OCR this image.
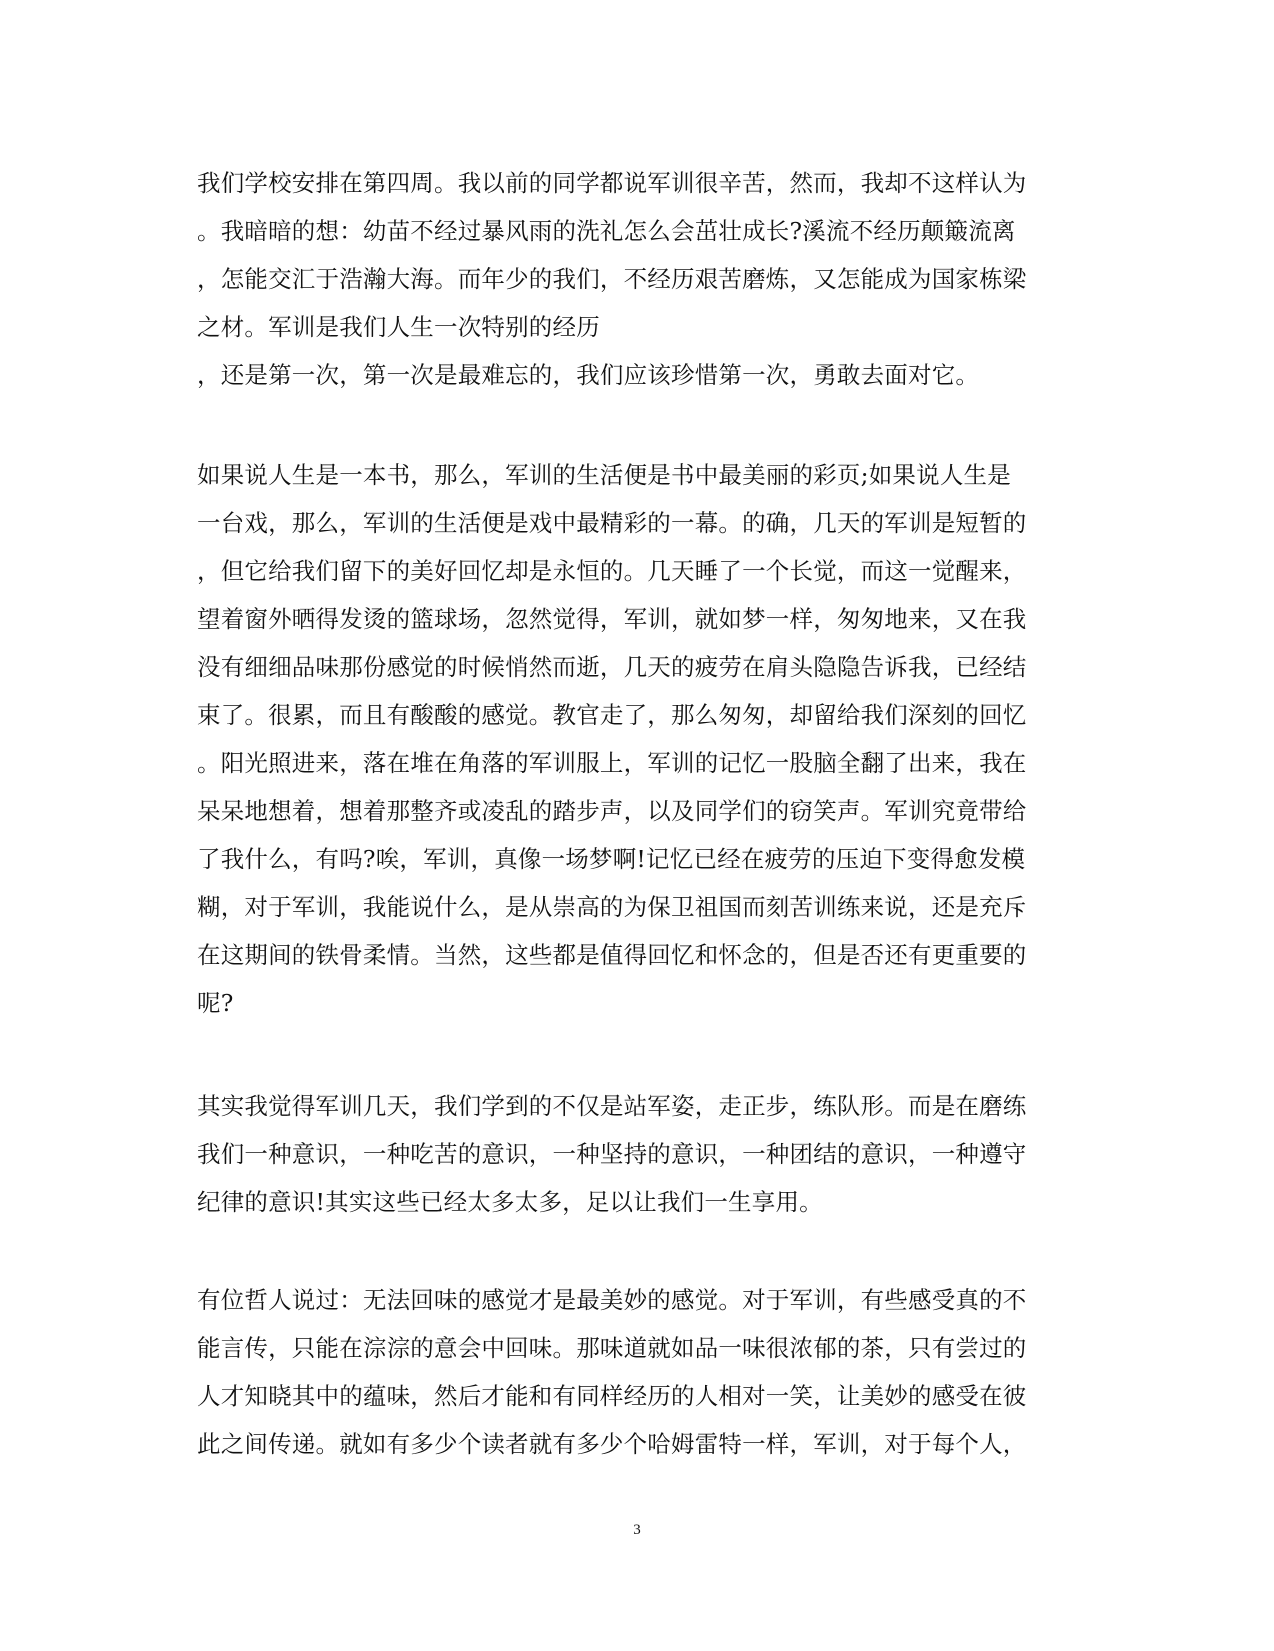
我们学校安排在第四周。我以前的同学都说军训很辛苦，然而，我却不这样认为
。我暗暗的想：幼苗不经过暴风雨的洗礼怎么会茁壮成长?溪流不经历颠簸流离
，怎能交汇于浩瀚大海。而年少的我们，不经历艰苦磨炼，又怎能成为国家栋梁
之材。军训是我们人生一次特别的经历
，还是第一次，第一次是最难忘的，我们应该珍惜第一次，勇敢去面对它。
如果说人生是一本书，那么，军训的生活便是书中最美丽的彩页;如果说人生是
一台戏，那么，军训的生活便是戏中最精彩的一幕。的确，几天的军训是短暂的
，但它给我们留下的美好回忆却是永恒的。几天睡了一个长觉，而这一觉醒来，
望着窗外晒得发烫的篮球场，忽然觉得，军训，就如梦一样，匆匆地来，又在我
没有细细品味那份感觉的时候悄然而逝，几天的疲劳在肩头隐隐告诉我，已经结
束了。很累，而且有酸酸的感觉。教官走了，那么匆匆，却留给我们深刻的回忆
。阳光照进来，落在堆在角落的军训服上，军训的记忆一股脑全翻了出来，我在
呆呆地想着，想着那整齐或凌乱的踏步声，以及同学们的窃笑声。军训究竟带给
了我什么，有吗?唉，军训，真像一场梦啊!记忆已经在疲劳的压迫下变得愈发模
糊，对于军训，我能说什么，是从崇高的为保卫祖国而刻苦训练来说，还是充斥
在这期间的铁骨柔情。当然，这些都是值得回忆和怀念的，但是否还有更重要的
呢?
其实我觉得军训几天，我们学到的不仅是站军姿，走正步，练队形。而是在磨练
我们一种意识，一种吃苦的意识，一种坚持的意识，一种团结的意识，一种遵守
纪律的意识!其实这些已经太多太多，足以让我们一生享用。
有位哲人说过：无法回味的感觉才是最美妙的感觉。对于军训，有些感受真的不
能言传，只能在淙淙的意会中回味。那味道就如品一味很浓郁的茶，只有尝过的
人才知晓其中的蕴味，然后才能和有同样经历的人相对一笑，让美妙的感受在彼
此之间传递。就如有多少个读者就有多少个哈姆雷特一样，军训，对于每个人，
3
